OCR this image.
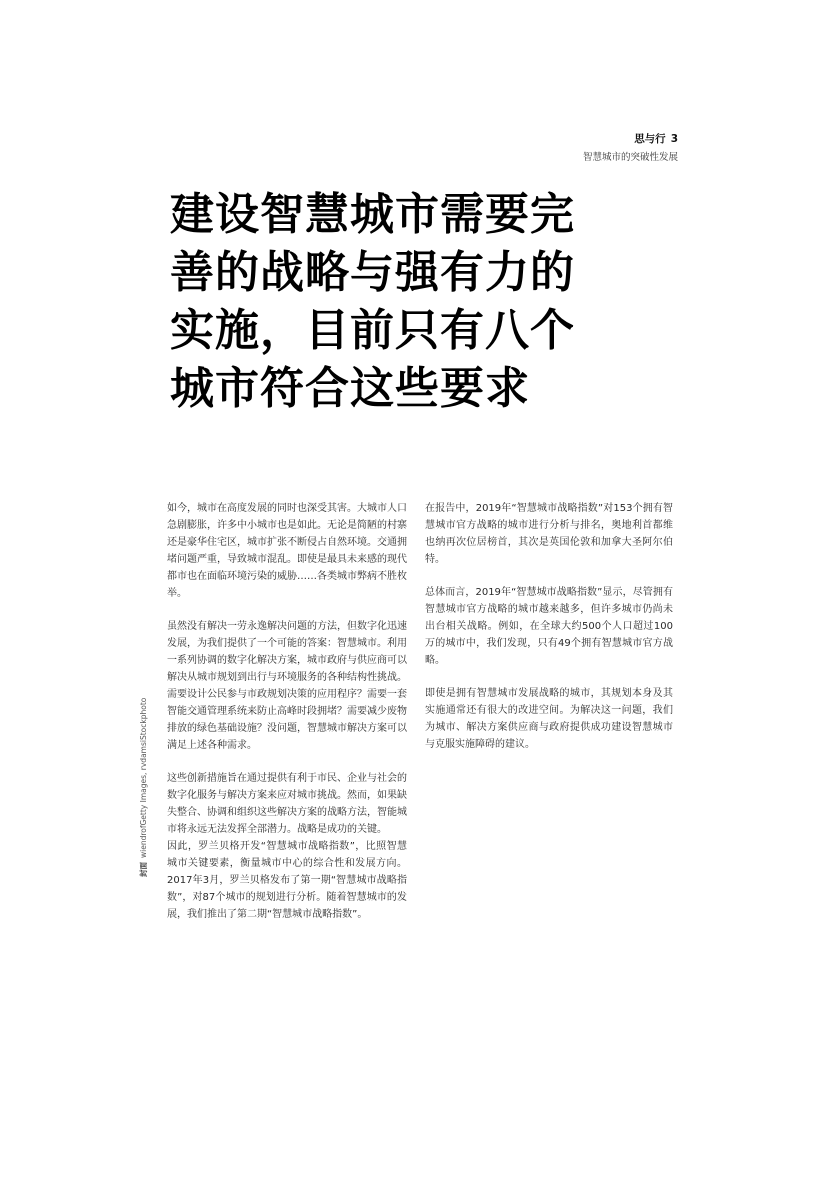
思与行 3
智慧城市的突破性发展
建设智慧城市需要完
善的战略与强有力的
实施，目前只有八个
城市符合这些要求

如今，城市在高度发展的同时也深受其害。大城市人口急剧膨胀，许多中小城市也是如此。无论是简陋的村寨还是豪华住宅区，城市扩张不断侵占自然环境。交通拥堵问题严重，导致城市混乱。即使是最具未来感的现代都市也在面临环境污染的威胁……各类城市弊病不胜枚举。

虽然没有解决一劳永逸解决问题的方法，但数字化迅速发展，为我们提供了一个可能的答案：智慧城市。利用一系列协调的数字化解决方案，城市政府与供应商可以解决从城市规划到出行与环境服务的各种结构性挑战。需要设计公民参与市政规划决策的应用程序？需要一套智能交通管理系统来防止高峰时段拥堵？需要减少废物排放的绿色基础设施？没问题，智慧城市解决方案可以满足上述各种需求。

这些创新措施旨在通过提供有利于市民、企业与社会的数字化服务与解决方案来应对城市挑战。然而，如果缺失整合、协调和组织这些解决方案的战略方法，智能城市将永远无法发挥全部潜力。战略是成功的关键。

因此，罗兰贝格开发“智慧城市战略指数”，比照智慧城市关键要素，衡量城市中心的综合性和发展方向。2017年3月，罗兰贝格发布了第一期“智慧城市战略指数”，对87个城市的规划进行分析。随着智慧城市的发展，我们推出了第二期“智慧城市战略指数”。

在报告中，2019年“智慧城市战略指数”对153个拥有智慧城市官方战略的城市进行分析与排名，奥地利首都维也纳再次位居榜首，其次是英国伦敦和加拿大圣阿尔伯特。

总体而言，2019年“智慧城市战略指数”显示，尽管拥有智慧城市官方战略的城市越来越多，但许多城市仍尚未出台相关战略。例如，在全球大约500个人口超过100万的城市中，我们发现，只有49个拥有智慧城市官方战略。

即使是拥有智慧城市发展战略的城市，其规划本身及其实施通常还有很大的改进空间。为解决这一问题，我们为城市、解决方案供应商与政府提供成功建设智慧城市与克服实施障碍的建议。

封面wiendrofGetty Images, rvdamsiStockphoto
